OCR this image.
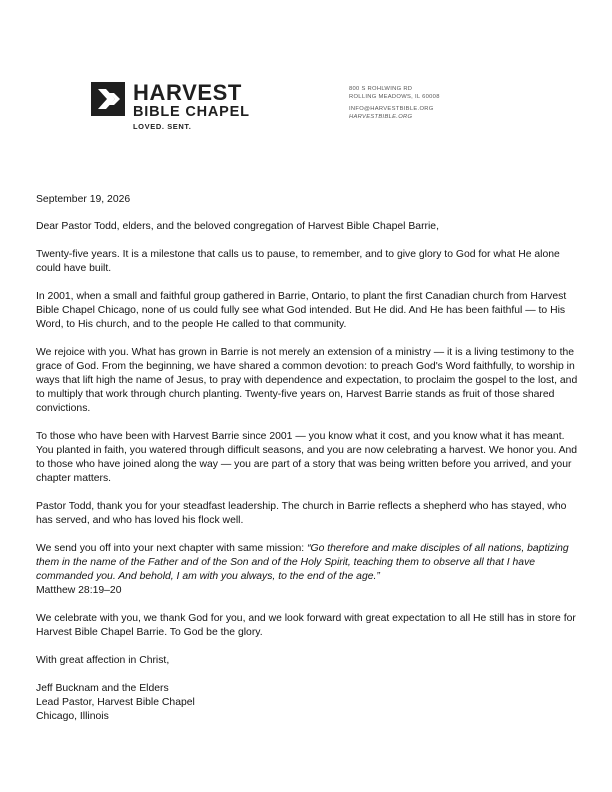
HARVEST
BIBLE CHAPEL
LOVED. SENT.
800 S ROHLWING RD
ROLLING MEADOWS, IL 60008
INFO@HARVESTBIBLE.ORG
HARVESTBIBLE.ORG

September 19, 2026

Dear Pastor Todd, elders, and the beloved congregation of Harvest Bible Chapel Barrie,

Twenty-five years. It is a milestone that calls us to pause, to remember, and to give glory to God for what He alone could have built.

In 2001, when a small and faithful group gathered in Barrie, Ontario, to plant the first Canadian church from Harvest Bible Chapel Chicago, none of us could fully see what God intended. But He did. And He has been faithful — to His Word, to His church, and to the people He called to that community.

We rejoice with you. What has grown in Barrie is not merely an extension of a ministry — it is a living testimony to the grace of God. From the beginning, we have shared a common devotion: to preach God's Word faithfully, to worship in ways that lift high the name of Jesus, to pray with dependence and expectation, to proclaim the gospel to the lost, and to multiply that work through church planting. Twenty-five years on, Harvest Barrie stands as fruit of those shared convictions.

To those who have been with Harvest Barrie since 2001 — you know what it cost, and you know what it has meant. You planted in faith, you watered through difficult seasons, and you are now celebrating a harvest. We honor you. And to those who have joined along the way — you are part of a story that was being written before you arrived, and your chapter matters.

Pastor Todd, thank you for your steadfast leadership. The church in Barrie reflects a shepherd who has stayed, who has served, and who has loved his flock well.

We send you off into your next chapter with same mission: “Go therefore and make disciples of all nations, baptizing them in the name of the Father and of the Son and of the Holy Spirit, teaching them to observe all that I have commanded you. And behold, I am with you always, to the end of the age.”
Matthew 28:19–20

We celebrate with you, we thank God for you, and we look forward with great expectation to all He still has in store for Harvest Bible Chapel Barrie. To God be the glory.

With great affection in Christ,

Jeff Bucknam and the Elders
Lead Pastor, Harvest Bible Chapel
Chicago, Illinois
